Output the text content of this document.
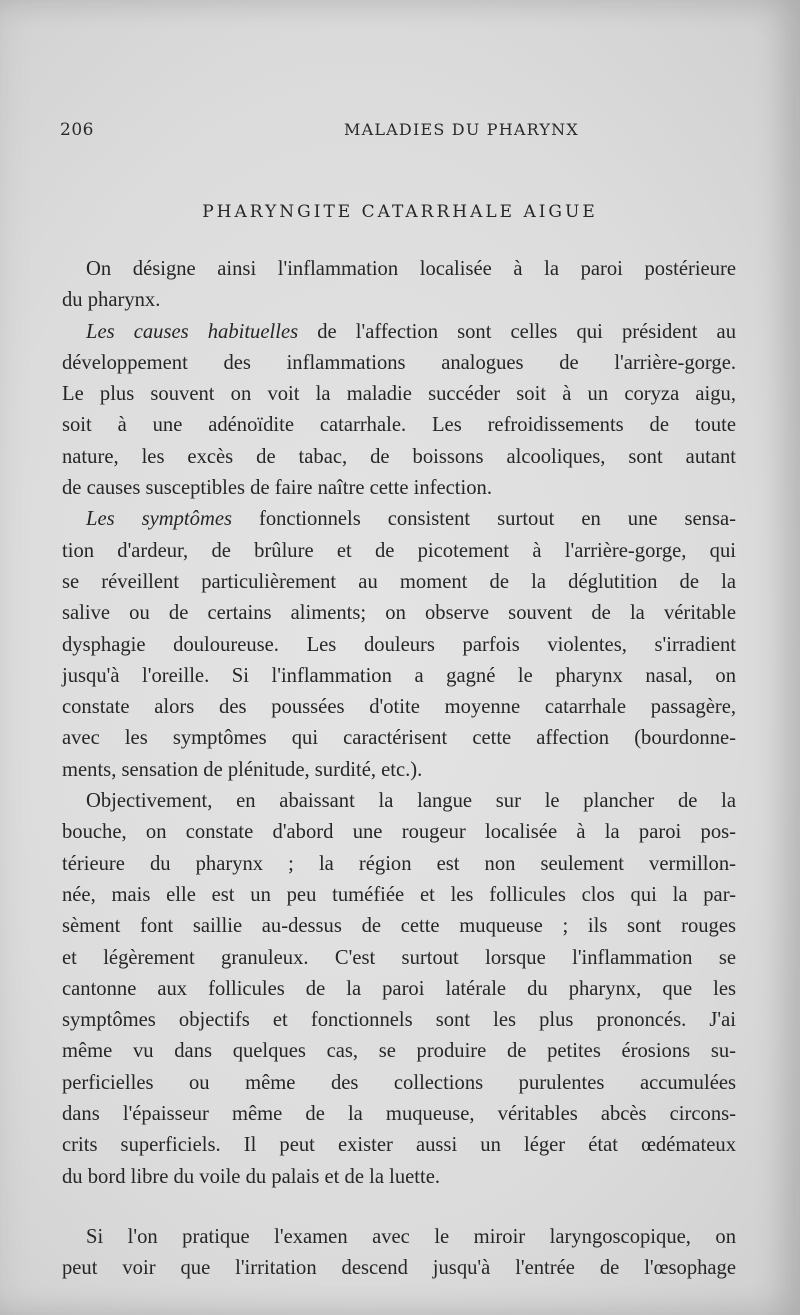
206	MALADIES DU PHARYNX
PHARYNGITE CATARRHALE AIGUE
On désigne ainsi l'inflammation localisée à la paroi postérieure
du pharynx.
Les causes habituelles de l'affection sont celles qui président au
développement des inflammations analogues de l'arrière-gorge.
Le plus souvent on voit la maladie succéder soit à un coryza aigu,
soit à une adénoïdite catarrhale. Les refroidissements de toute
nature, les excès de tabac, de boissons alcooliques, sont autant
de causes susceptibles de faire naître cette infection.
Les symptômes fonctionnels consistent surtout en une sensa-
tion d'ardeur, de brûlure et de picotement à l'arrière-gorge, qui
se réveillent particulièrement au moment de la déglutition de la
salive ou de certains aliments; on observe souvent de la véritable
dysphagie douloureuse. Les douleurs parfois violentes, s'irradient
jusqu'à l'oreille. Si l'inflammation a gagné le pharynx nasal, on
constate alors des poussées d'otite moyenne catarrhale passagère,
avec les symptômes qui caractérisent cette affection (bourdonne-
ments, sensation de plénitude, surdité, etc.).
Objectivement, en abaissant la langue sur le plancher de la
bouche, on constate d'abord une rougeur localisée à la paroi pos-
térieure du pharynx ; la région est non seulement vermillon-
née, mais elle est un peu tuméfiée et les follicules clos qui la par-
sèment font saillie au-dessus de cette muqueuse ; ils sont rouges
et légèrement granuleux. C'est surtout lorsque l'inflammation se
cantonne aux follicules de la paroi latérale du pharynx, que les
symptômes objectifs et fonctionnels sont les plus prononcés. J'ai
même vu dans quelques cas, se produire de petites érosions su-
perficielles ou même des collections purulentes accumulées
dans l'épaisseur même de la muqueuse, véritables abcès circons-
crits superficiels. Il peut exister aussi un léger état œdémateux
du bord libre du voile du palais et de la luette.
Si l'on pratique l'examen avec le miroir laryngoscopique, on
peut voir que l'irritation descend jusqu'à l'entrée de l'œsophage
